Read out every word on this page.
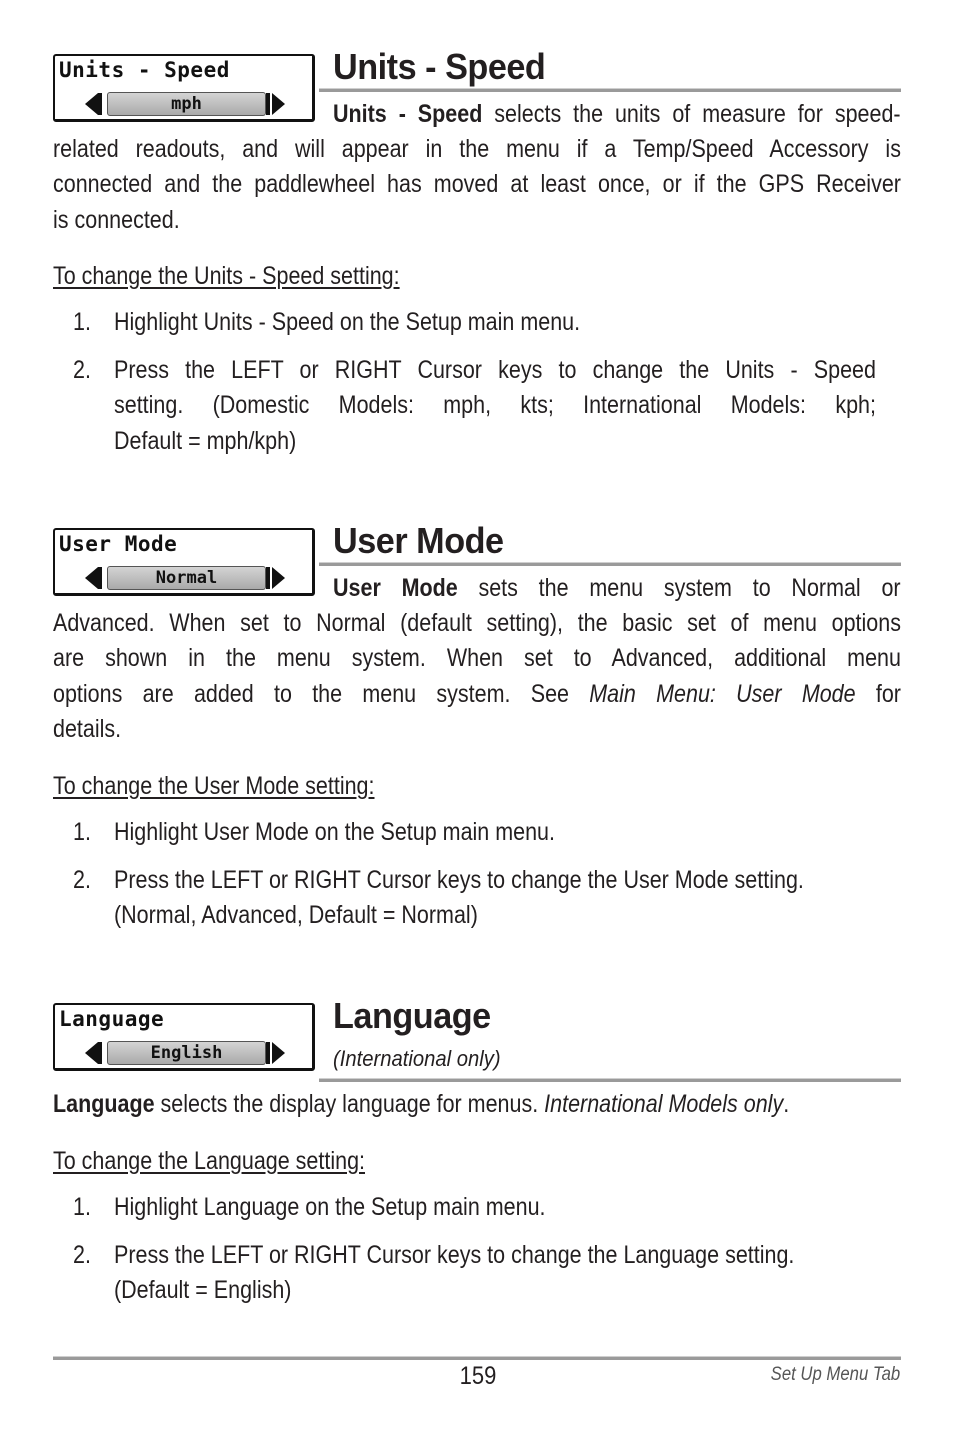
Units - Speed
mph
Units - Speed
Units - Speed selects the units of measure for speed-
related readouts, and will appear in the menu if a Temp/Speed Accessory is
connected and the paddlewheel has moved at least once, or if the GPS Receiver
is connected.
To change the Units - Speed setting:
1. Highlight Units - Speed on the Setup main menu.
2. Press the LEFT or RIGHT Cursor keys to change the Units - Speed
setting. (Domestic Models: mph, kts; International Models: kph;
Default = mph/kph)
User Mode
Normal
User Mode
User Mode sets the menu system to Normal or
Advanced. When set to Normal (default setting), the basic set of menu options
are shown in the menu system. When set to Advanced, additional menu
options are added to the menu system. See Main Menu: User Mode for
details.
To change the User Mode setting:
1. Highlight User Mode on the Setup main menu.
2. Press the LEFT or RIGHT Cursor keys to change the User Mode setting.
(Normal, Advanced, Default = Normal)
Language
English
Language
(International only)
Language selects the display language for menus. International Models only.
To change the Language setting:
1. Highlight Language on the Setup main menu.
2. Press the LEFT or RIGHT Cursor keys to change the Language setting.
(Default = English)
159	Set Up Menu Tab
